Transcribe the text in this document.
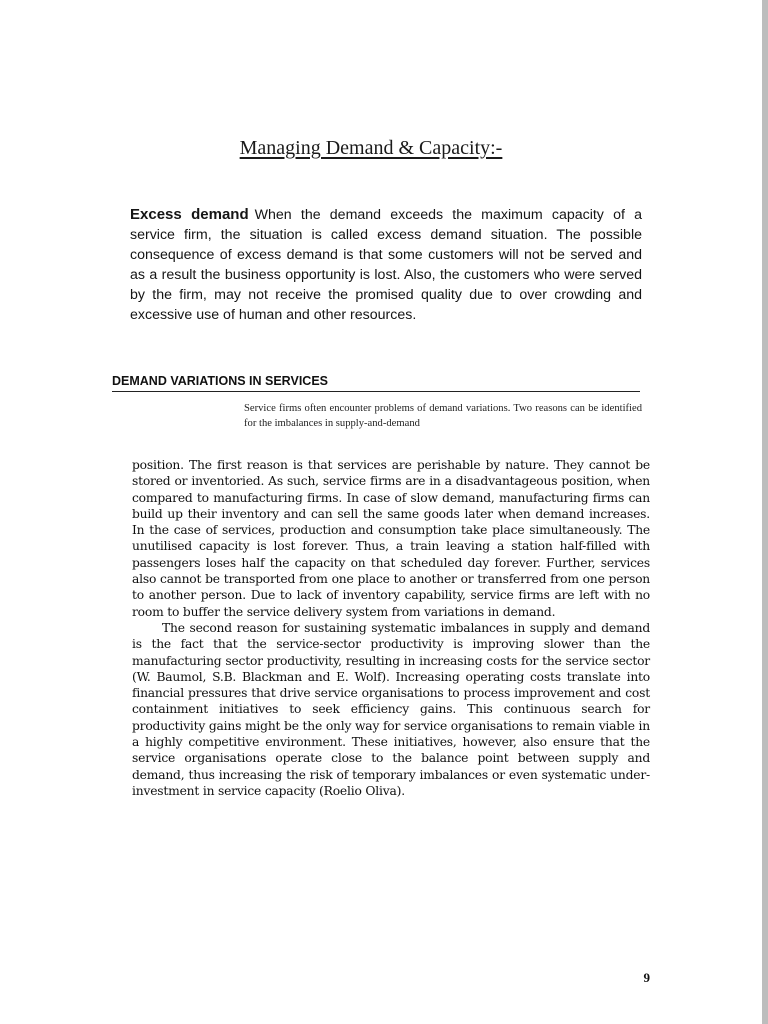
Managing Demand & Capacity:-

Excess demand When the demand exceeds the maximum capacity of a service firm, the situation is called excess demand situation. The possible consequence of excess demand is that some customers will not be served and as a result the business opportunity is lost. Also, the customers who were served by the firm, may not receive the promised quality due to over crowding and excessive use of human and other resources.

DEMAND VARIATIONS IN SERVICES

Service firms often encounter problems of demand variations. Two reasons can be identified for the imbalances in supply-and-demand

position. The first reason is that services are perishable by nature. They cannot be stored or inventoried. As such, service firms are in a disadvantageous position, when compared to manufacturing firms. In case of slow demand, manufacturing firms can build up their inventory and can sell the same goods later when demand increases. In the case of services, production and consumption take place simultaneously. The unutilised capacity is lost forever. Thus, a train leaving a station half-filled with passengers loses half the capacity on that scheduled day forever. Further, services also cannot be transported from one place to another or transferred from one person to another person. Due to lack of inventory capability, service firms are left with no room to buffer the service delivery system from variations in demand.

The second reason for sustaining systematic imbalances in supply and demand is the fact that the service-sector productivity is improving slower than the manufacturing sector productivity, resulting in increasing costs for the service sector (W. Baumol, S.B. Blackman and E. Wolf). Increasing operating costs translate into financial pressures that drive service organisations to process improvement and cost containment initiatives to seek efficiency gains. This continuous search for productivity gains might be the only way for service organisations to remain viable in a highly competitive environment. These initiatives, however, also ensure that the service organisations operate close to the balance point between supply and demand, thus increasing the risk of temporary imbalances or even systematic under-investment in service capacity (Roelio Oliva).

9
